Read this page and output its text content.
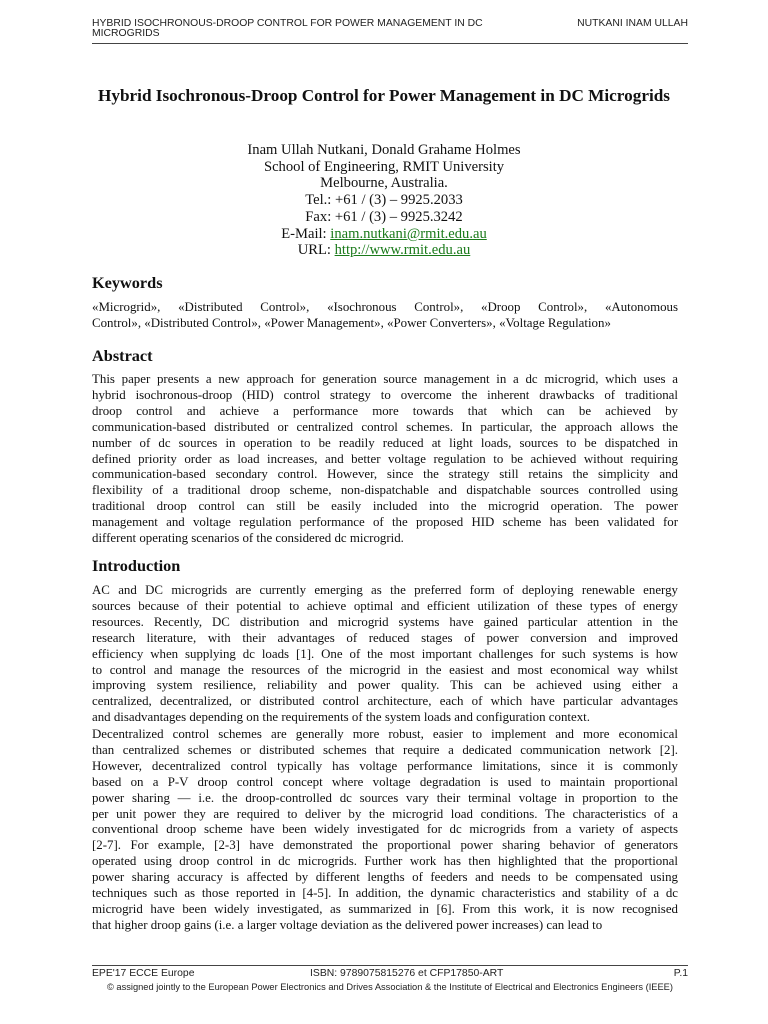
HYBRID ISOCHRONOUS-DROOP CONTROL FOR POWER MANAGEMENT IN DC MICROGRIDS
NUTKANI INAM ULLAH
Hybrid Isochronous-Droop Control for Power Management in DC Microgrids
Inam Ullah Nutkani, Donald Grahame Holmes
School of Engineering, RMIT University
Melbourne, Australia.
Tel.: +61 / (3) – 9925.2033
Fax: +61 / (3) – 9925.3242
E-Mail: inam.nutkani@rmit.edu.au
URL: http://www.rmit.edu.au
Keywords
«Microgrid», «Distributed Control», «Isochronous Control», «Droop Control», «Autonomous
Control», «Distributed Control», «Power Management», «Power Converters», «Voltage Regulation»
Abstract
This paper presents a new approach for generation source management in a dc microgrid, which uses a
hybrid isochronous-droop (HID) control strategy to overcome the inherent drawbacks of traditional
droop control and achieve a performance more towards that which can be achieved by
communication-based distributed or centralized control schemes. In particular, the approach allows the
number of dc sources in operation to be readily reduced at light loads, sources to be dispatched in
defined priority order as load increases, and better voltage regulation to be achieved without requiring
communication-based secondary control. However, since the strategy still retains the simplicity and
flexibility of a traditional droop scheme, non-dispatchable and dispatchable sources controlled using
traditional droop control can still be easily included into the microgrid operation. The power
management and voltage regulation performance of the proposed HID scheme has been validated for
different operating scenarios of the considered dc microgrid.
Introduction
AC and DC microgrids are currently emerging as the preferred form of deploying renewable energy
sources because of their potential to achieve optimal and efficient utilization of these types of energy
resources. Recently, DC distribution and microgrid systems have gained particular attention in the
research literature, with their advantages of reduced stages of power conversion and improved
efficiency when supplying dc loads [1]. One of the most important challenges for such systems is how
to control and manage the resources of the microgrid in the easiest and most economical way whilst
improving system resilience, reliability and power quality. This can be achieved using either a
centralized, decentralized, or distributed control architecture, each of which have particular advantages
and disadvantages depending on the requirements of the system loads and configuration context.
Decentralized control schemes are generally more robust, easier to implement and more economical
than centralized schemes or distributed schemes that require a dedicated communication network [2].
However, decentralized control typically has voltage performance limitations, since it is commonly
based on a P-V droop control concept where voltage degradation is used to maintain proportional
power sharing — i.e. the droop-controlled dc sources vary their terminal voltage in proportion to the
per unit power they are required to deliver by the microgrid load conditions. The characteristics of a
conventional droop scheme have been widely investigated for dc microgrids from a variety of aspects
[2-7]. For example, [2-3] have demonstrated the proportional power sharing behavior of generators
operated using droop control in dc microgrids. Further work has then highlighted that the proportional
power sharing accuracy is affected by different lengths of feeders and needs to be compensated using
techniques such as those reported in [4-5]. In addition, the dynamic characteristics and stability of a dc
microgrid have been widely investigated, as summarized in [6]. From this work, it is now recognised
that higher droop gains (i.e. a larger voltage deviation as the delivered power increases) can lead to
EPE'17 ECCE Europe	ISBN: 9789075815276 et CFP17850-ART	P.1
© assigned jointly to the European Power Electronics and Drives Association & the Institute of Electrical and Electronics Engineers (IEEE)
